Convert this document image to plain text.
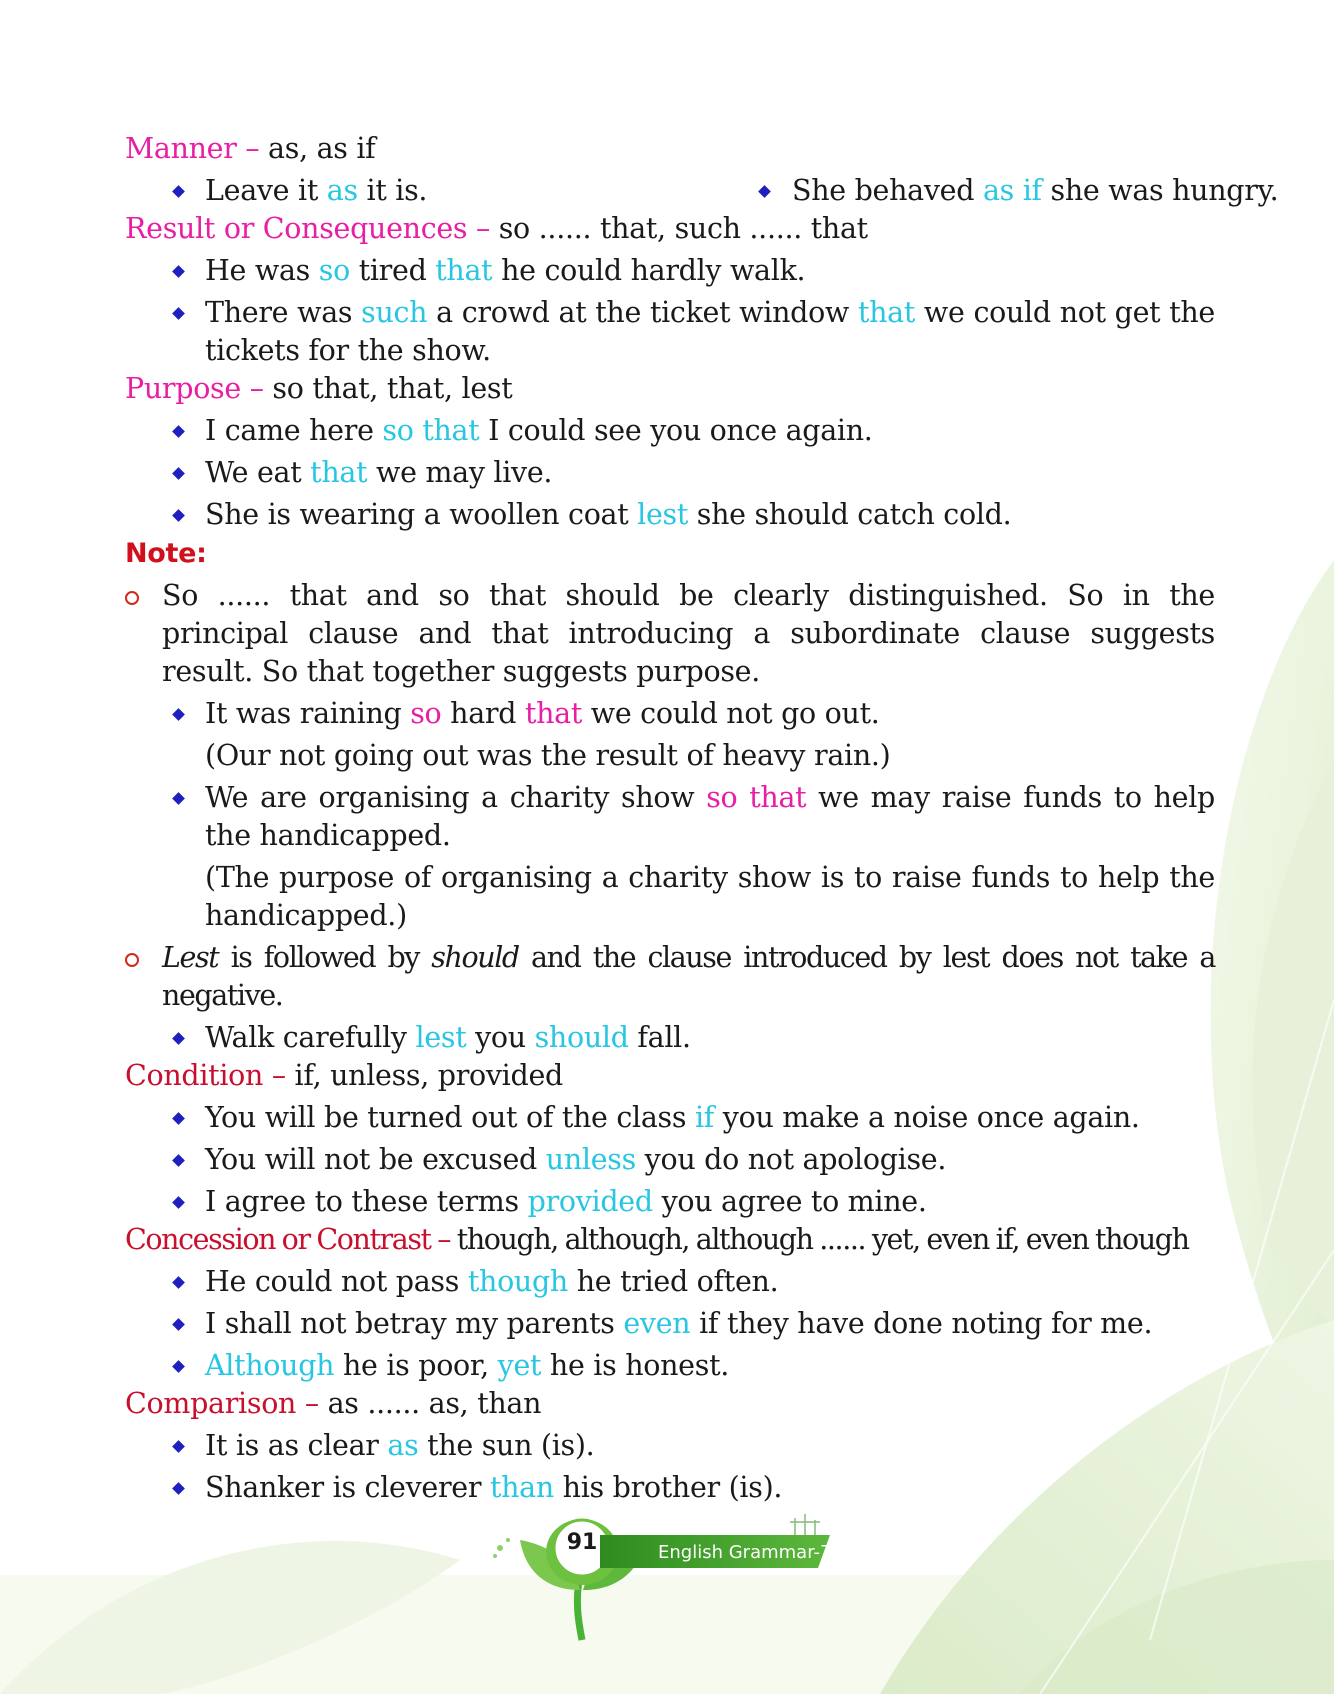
91	English Grammar-7
Manner – as, as if
Leave it as it is.	She behaved as if she was hungry.
Result or Consequences – so ...... that, such ...... that
He was so tired that he could hardly walk.
There was such a crowd at the ticket window that we could not get the tickets for the show.
Purpose – so that, that, lest
I came here so that I could see you once again.
We eat that we may live.
She is wearing a woollen coat lest she should catch cold.
Note:
So ...... that and so that should be clearly distinguished. So in the principal clause and that introducing a subordinate clause suggests result. So that together suggests purpose.
It was raining so hard that we could not go out.
(Our not going out was the result of heavy rain.)
We are organising a charity show so that we may raise funds to help the handicapped.
(The purpose of organising a charity show is to raise funds to help the handicapped.)
Lest is followed by should and the clause introduced by lest does not take a negative.
Walk carefully lest you should fall.
Condition – if, unless, provided
You will be turned out of the class if you make a noise once again.
You will not be excused unless you do not apologise.
I agree to these terms provided you agree to mine.
Concession or Contrast – though, although, although ...... yet, even if, even though
He could not pass though he tried often.
I shall not betray my parents even if they have done noting for me.
Although he is poor, yet he is honest.
Comparison – as ...... as, than
It is as clear as the sun (is).
Shanker is cleverer than his brother (is).
